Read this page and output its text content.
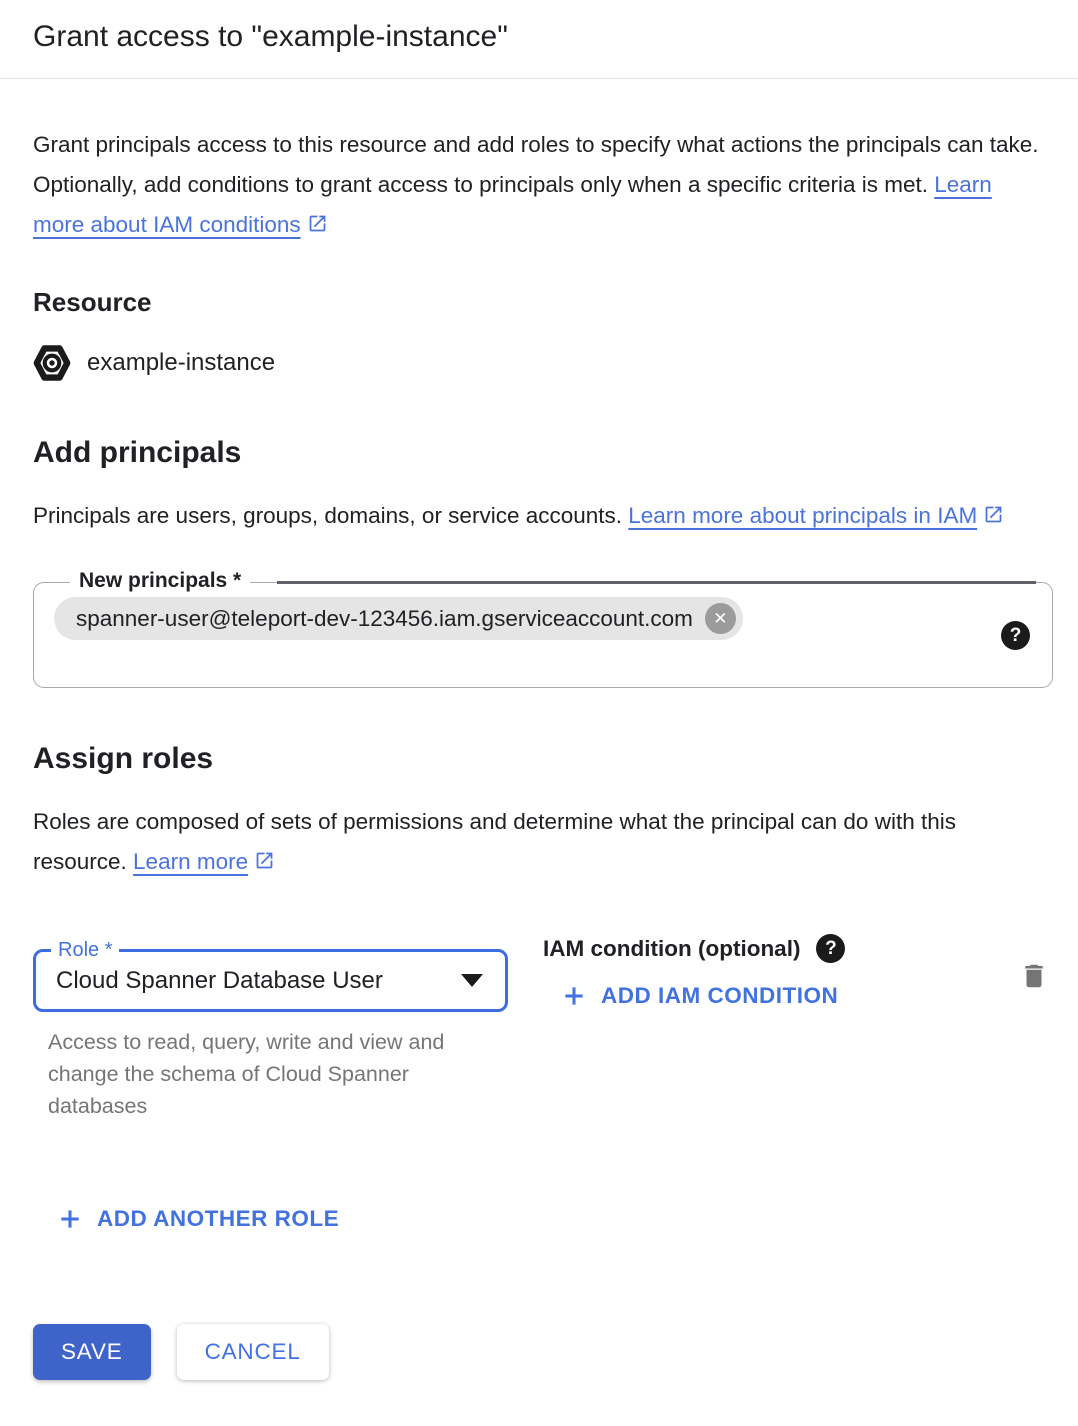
Grant access to "example-instance"

Grant principals access to this resource and add roles to specify what actions the principals can take. Optionally, add conditions to grant access to principals only when a specific criteria is met. Learn more about IAM conditions

Resource
example-instance
Add principals

Principals are users, groups, domains, or service accounts. Learn more about principals in IAM

New principals *
spanner-user@teleport-dev-123456.iam.gserviceaccount.com	✕
?
Assign roles

Roles are composed of sets of permissions and determine what the principal can do with this resource. Learn more

Role *
Cloud Spanner Database User

Access to read, query, write and view and change the schema of Cloud Spanner databases

IAM condition (optional)	?
ADD IAM CONDITION
ADD ANOTHER ROLE
SAVE	CANCEL
